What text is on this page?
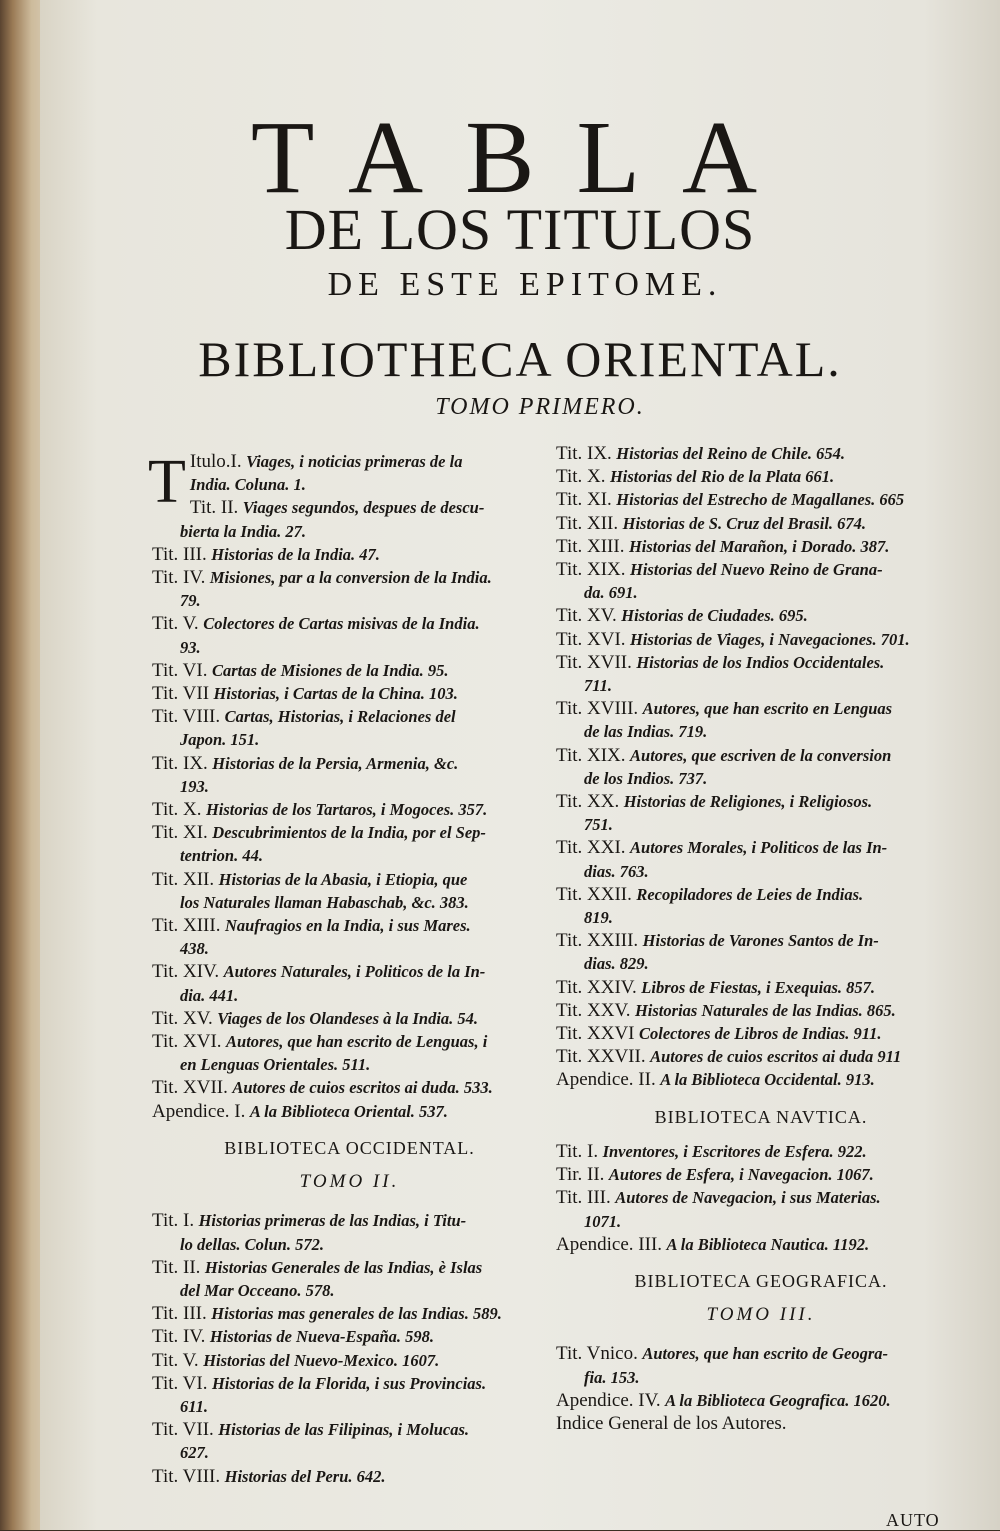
TABLA
DE LOS TITULOS
DE ESTE EPITOME.
BIBLIOTHECA ORIENTAL.
TOMO PRIMERO.
T Itulo.I. Viages, i noticias primeras de la
India. Coluna. 1.
Tit. II. Viages segundos, despues de descu-
bierta la India. 27.
Tit. III. Historias de la India. 47.
Tit. IV. Misiones, par a la conversion de la India.
79.
Tit. V. Colectores de Cartas misivas de la India.
93.
Tit. VI. Cartas de Misiones de la India. 95.
Tit. VII Historias, i Cartas de la China. 103.
Tit. VIII. Cartas, Historias, i Relaciones del
Japon. 151.
Tit. IX. Historias de la Persia, Armenia, &c.
193.
Tit. X. Historias de los Tartaros, i Mogoces. 357.
Tit. XI. Descubrimientos de la India, por el Sep-
tentrion. 44.
Tit. XII. Historias de la Abasia, i Etiopia, que
los Naturales llaman Habaschab, &c. 383.
Tit. XIII. Naufragios en la India, i sus Mares.
438.
Tit. XIV. Autores Naturales, i Politicos de la In-
dia. 441.
Tit. XV. Viages de los Olandeses à la India. 54.
Tit. XVI. Autores, que han escrito de Lenguas, i
en Lenguas Orientales. 511.
Tit. XVII. Autores de cuios escritos ai duda. 533.
Apendice. I. A la Biblioteca Oriental. 537.
BIBLIOTECA OCCIDENTAL.
TOMO II.
Tit. I. Historias primeras de las Indias, i Titu-
lo dellas. Colun. 572.
Tit. II. Historias Generales de las Indias, è Islas
del Mar Occeano. 578.
Tit. III. Historias mas generales de las Indias. 589.
Tit. IV. Historias de Nueva-España. 598.
Tit. V. Historias del Nuevo-Mexico. 1607.
Tit. VI. Historias de la Florida, i sus Provincias.
611.
Tit. VII. Historias de las Filipinas, i Molucas.
627.
Tit. VIII. Historias del Peru. 642.
Tit. IX. Historias del Reino de Chile. 654.
Tit. X. Historias del Rio de la Plata 661.
Tit. XI. Historias del Estrecho de Magallanes. 665
Tit. XII. Historias de S. Cruz del Brasil. 674.
Tit. XIII. Historias del Marañon, i Dorado. 387.
Tit. XIX. Historias del Nuevo Reino de Grana-
da. 691.
Tit. XV. Historias de Ciudades. 695.
Tit. XVI. Historias de Viages, i Navegaciones. 701.
Tit. XVII. Historias de los Indios Occidentales.
711.
Tit. XVIII. Autores, que han escrito en Lenguas
de las Indias. 719.
Tit. XIX. Autores, que escriven de la conversion
de los Indios. 737.
Tit. XX. Historias de Religiones, i Religiosos.
751.
Tit. XXI. Autores Morales, i Politicos de las In-
dias. 763.
Tit. XXII. Recopiladores de Leies de Indias.
819.
Tit. XXIII. Historias de Varones Santos de In-
dias. 829.
Tit. XXIV. Libros de Fiestas, i Exequias. 857.
Tit. XXV. Historias Naturales de las Indias. 865.
Tit. XXVI Colectores de Libros de Indias. 911.
Tit. XXVII. Autores de cuios escritos ai duda 911
Apendice. II. A la Biblioteca Occidental. 913.
BIBLIOTECA NAVTICA.
Tit. I. Inventores, i Escritores de Esfera. 922.
Tir. II. Autores de Esfera, i Navegacion. 1067.
Tit. III. Autores de Navegacion, i sus Materias.
1071.
Apendice. III. A la Biblioteca Nautica. 1192.
BIBLIOTECA GEOGRAFICA.
TOMO III.
Tit. Vnico. Autores, que han escrito de Geogra-
fia. 153.
Apendice. IV. A la Biblioteca Geografica. 1620.
Indice General de los Autores.
AUTO
